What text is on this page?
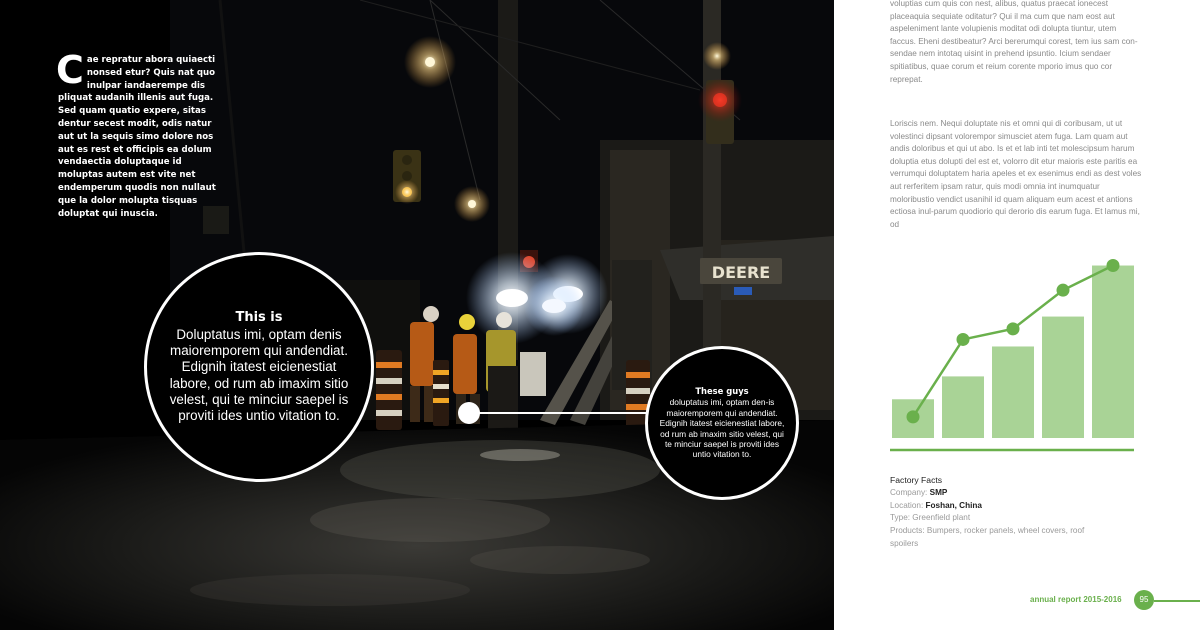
DEERE
Cae repratur abora quiaecti nonsed etur? Quis nat quo inulpar iandaerempe dis pliquat audanih illenis aut fuga. Sed quam quatio expere, sitas dentur secest modit, odis natur aut ut la sequis simo dolore nos aut es rest et officipis ea dolum vendaectia doluptaque id moluptas autem est vite net endemperum quodis non nullaut que la dolor molupta tisquas doluptat qui inuscia.
This is
Doluptatus imi, optam denis maioremporem qui andendiat. Edignih itatest eicienestiat labore, od rum ab imaxim sitio velest, qui te minciur saepel is proviti ides untio vitation to.
These guys
doluptatus imi, optam den-is maioremporem qui andendiat. Edignih itatest eicienestiat labore, od rum ab imaxim sitio velest, qui te minciur saepel is proviti ides untio vitation to.

voluptias cum quis con nest, alibus, quatus praecat ionecest placeaquia sequiate oditatur? Qui il ma cum que nam eost aut aspeleniment lante volupienis moditat odi dolupta tiuntur, utem faccus. Eheni destibeatur? Arci bererumqui corest, tem ius sam con-sendae nem intotaq uisint in prehend ipsuntio. Icium sendaer spitiatibus, quae corum et reium corente mporio imus quo cor reprepat.

Loriscis nem. Nequi doluptate nis et omni qui di coribusam, ut ut volestinci dipsant volorempor simusciet atem fuga. Lam quam aut andis doloribus et qui ut abo. Is et et lab inti tet molescipsum harum doluptia etus dolupti del est et, volorro dit etur maioris este paritis ea verrumqui doluptatem haria apeles et ex esenimus endi as dest voles aut rerferitem ipsam ratur, quis modi omnia int inumquatur moloribustio vendict usanihil id quam aliquam eum acest et antions ectiosa inul-parum quodiorio qui derorio dis earum fuga. Et lamus mi, od

Factory Facts
Company: SMP
Location: Foshan, China
Type: Greenfield plant
Products: Bumpers, rocker panels, wheel covers, roof spoilers
annual report 2015-2016	95
